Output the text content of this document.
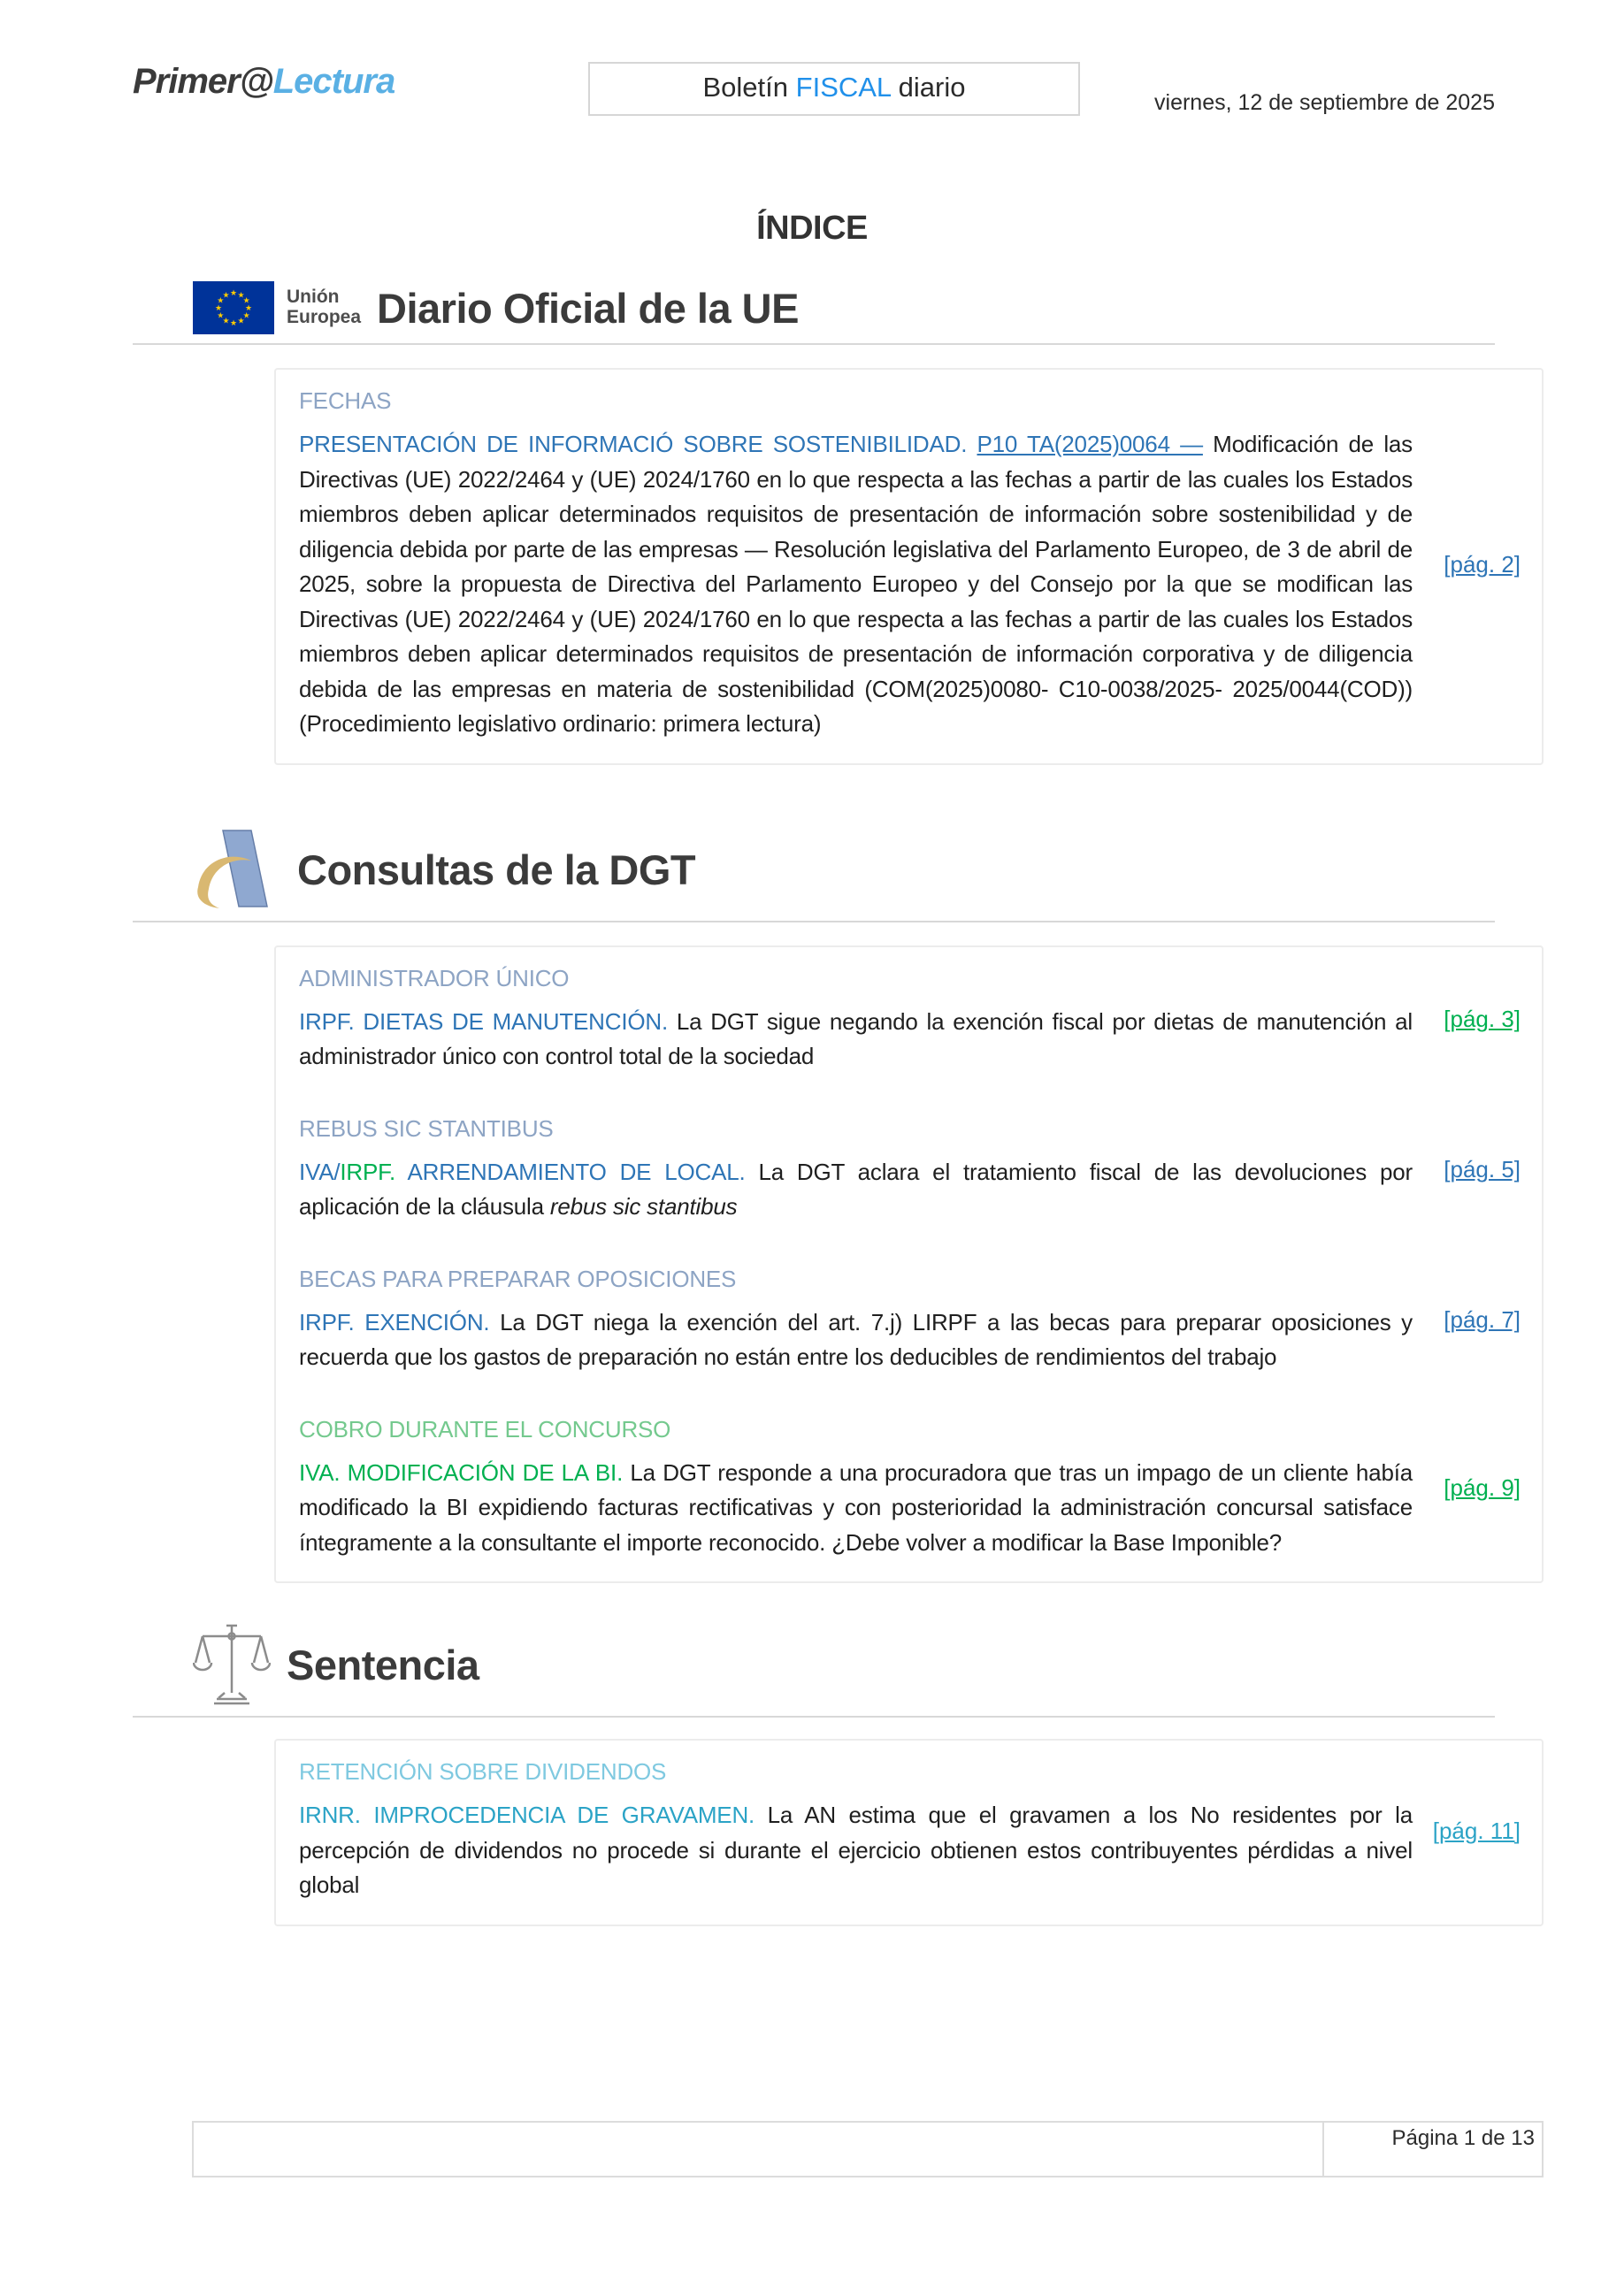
Primer@Lectura	Boletín FISCAL diario	viernes, 12 de septiembre de 2025
ÍNDICE
★ ★
★
★
★
★
★
★
★
★
★
★	Unión
Europea Diario Oficial de la UE
FECHAS

PRESENTACIÓN DE INFORMACIÓ SOBRE SOSTENIBILIDAD. P10 TA(2025)0064 — Modificación de las Directivas (UE) 2022/2464 y (UE) 2024/1760 en lo que respecta a las fechas a partir de las cuales los Estados miembros deben aplicar determinados requisitos de presentación de información sobre sostenibilidad y de diligencia debida por parte de las empresas — Resolución legislativa del Parlamento Europeo, de 3 de abril de 2025, sobre la propuesta de Directiva del Parlamento Europeo y del Consejo por la que se modifican las Directivas (UE) 2022/2464 y (UE) 2024/1760 en lo que respecta a las fechas a partir de las cuales los Estados miembros deben aplicar determinados requisitos de presentación de información corporativa y de diligencia debida de las empresas en materia de sostenibilidad (COM(2025)0080- C10-0038/2025- 2025/0044(COD)) (Procedimiento legislativo ordinario: primera lectura)

[pág. 2]
Consultas de la DGT
ADMINISTRADOR ÚNICO

IRPF. DIETAS DE MANUTENCIÓN. La DGT sigue negando la exención fiscal por dietas de manutención al administrador único con control total de la sociedad

[pág. 3]
REBUS SIC STANTIBUS

IVA/IRPF. ARRENDAMIENTO DE LOCAL. La DGT aclara el tratamiento fiscal de las devoluciones por aplicación de la cláusula rebus sic stantibus

[pág. 5]
BECAS PARA PREPARAR OPOSICIONES

IRPF. EXENCIÓN. La DGT niega la exención del art. 7.j) LIRPF a las becas para preparar oposiciones y recuerda que los gastos de preparación no están entre los deducibles de rendimientos del trabajo

[pág. 7]
COBRO DURANTE EL CONCURSO

IVA. MODIFICACIÓN DE LA BI. La DGT responde a una procuradora que tras un impago de un cliente había modificado la BI expidiendo facturas rectificativas y con posterioridad la administración concursal satisface íntegramente a la consultante el importe reconocido. ¿Debe volver a modificar la Base Imponible?

[pág. 9]
Sentencia
RETENCIÓN SOBRE DIVIDENDOS

IRNR. IMPROCEDENCIA DE GRAVAMEN. La AN estima que el gravamen a los No residentes por la percepción de dividendos no procede si durante el ejercicio obtienen estos contribuyentes pérdidas a nivel global

[pág. 11]
Página 1 de 13
